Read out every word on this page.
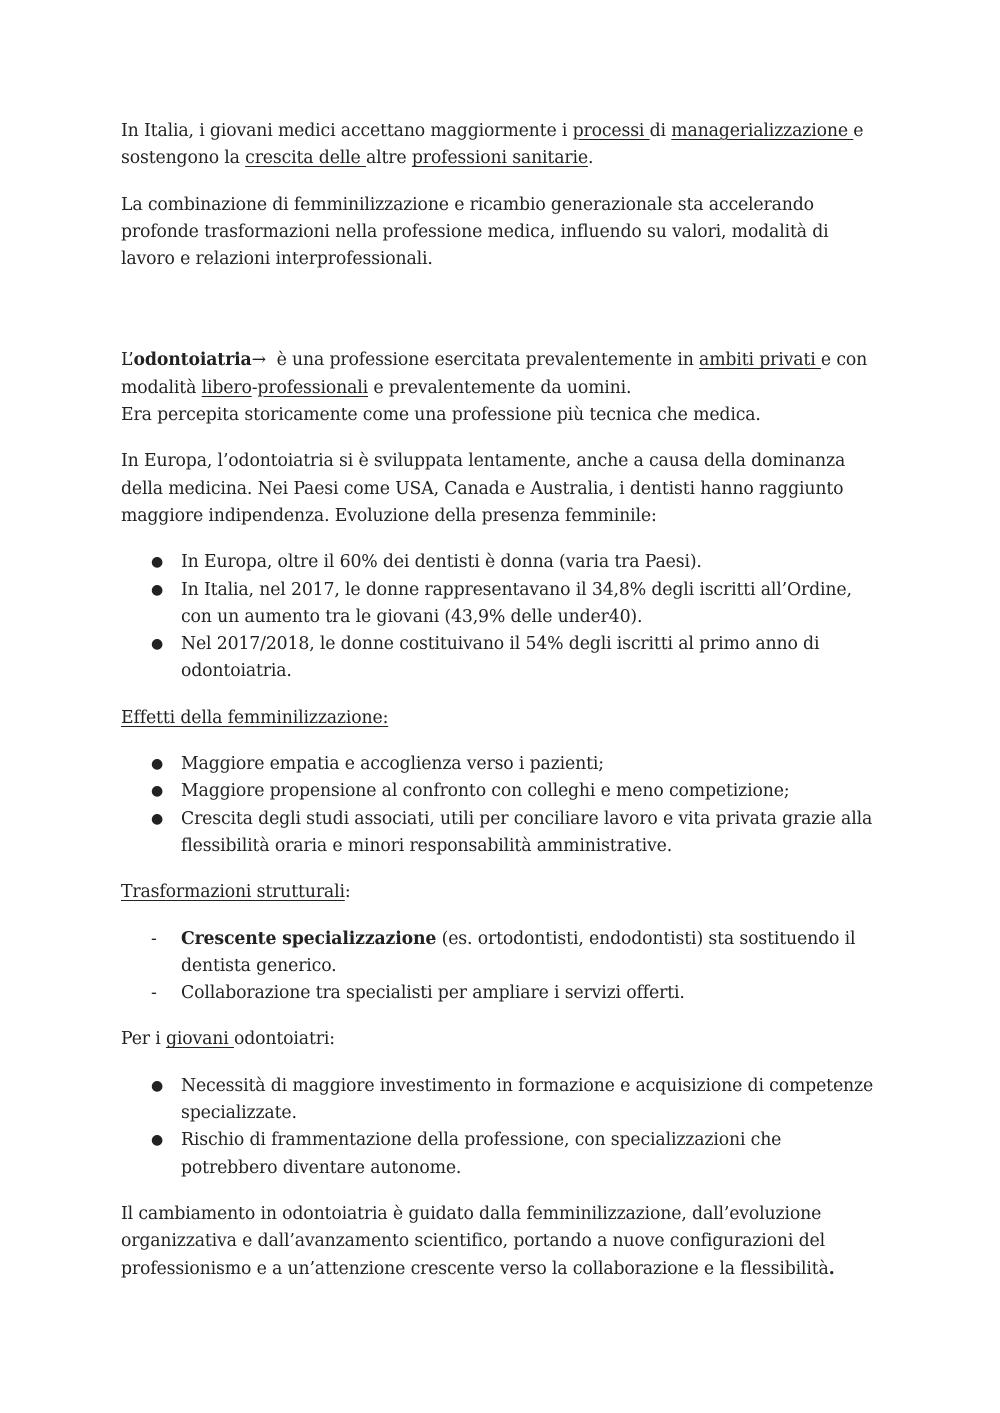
In Italia, i giovani medici accettano maggiormente i processi di managerializzazione e sostengono la crescita delle altre professioni sanitarie.

La combinazione di femminilizzazione e ricambio generazionale sta accelerando profonde trasformazioni nella professione medica, influendo su valori, modalità di lavoro e relazioni interprofessionali.

L’odontoiatria→  è una professione esercitata prevalentemente in ambiti privati e con modalità libero-professionali e prevalentemente da uomini.
Era percepita storicamente come una professione più tecnica che medica.

In Europa, l’odontoiatria si è sviluppata lentamente, anche a causa della dominanza della medicina. Nei Paesi come USA, Canada e Australia, i dentisti hanno raggiunto maggiore indipendenza. Evoluzione della presenza femminile:

● In Europa, oltre il 60% dei dentisti è donna (varia tra Paesi).
● In Italia, nel 2017, le donne rappresentavano il 34,8% degli iscritti all’Ordine, con un aumento tra le giovani (43,9% delle under40).
● Nel 2017/2018, le donne costituivano il 54% degli iscritti al primo anno di odontoiatria.

Effetti della femminilizzazione:

● Maggiore empatia e accoglienza verso i pazienti;
● Maggiore propensione al confronto con colleghi e meno competizione;
● Crescita degli studi associati, utili per conciliare lavoro e vita privata grazie alla flessibilità oraria e minori responsabilità amministrative.

Trasformazioni strutturali:

- Crescente specializzazione (es. ortodontisti, endodontisti) sta sostituendo il dentista generico.
- Collaborazione tra specialisti per ampliare i servizi offerti.

Per i giovani odontoiatri:

● Necessità di maggiore investimento in formazione e acquisizione di competenze specializzate.
● Rischio di frammentazione della professione, con specializzazioni che potrebbero diventare autonome.

Il cambiamento in odontoiatria è guidato dalla femminilizzazione, dall’evoluzione organizzativa e dall’avanzamento scientifico, portando a nuove configurazioni del professionismo e a un’attenzione crescente verso la collaborazione e la flessibilità.
